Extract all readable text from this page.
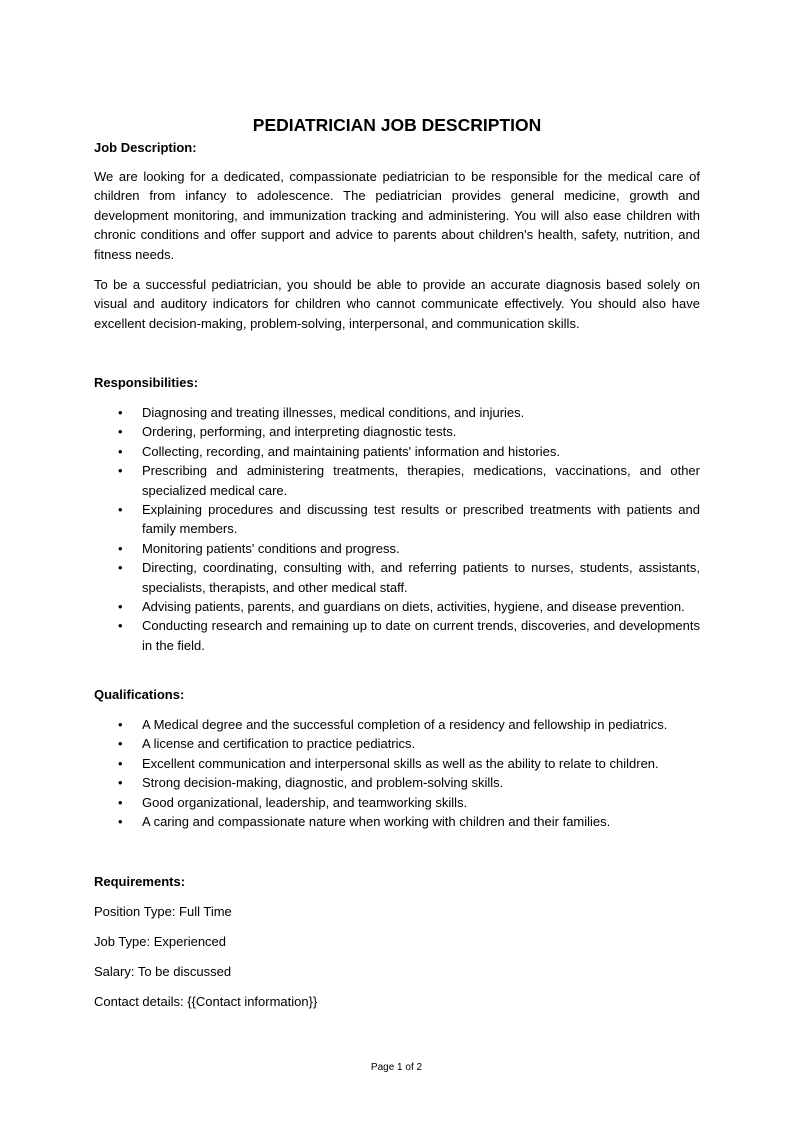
PEDIATRICIAN JOB DESCRIPTION
Job Description:

We are looking for a dedicated, compassionate pediatrician to be responsible for the medical care of children from infancy to adolescence. The pediatrician provides general medicine, growth and development monitoring, and immunization tracking and administering. You will also ease children with chronic conditions and offer support and advice to parents about children's health, safety, nutrition, and fitness needs.

To be a successful pediatrician, you should be able to provide an accurate diagnosis based solely on visual and auditory indicators for children who cannot communicate effectively. You should also have excellent decision-making, problem-solving, interpersonal, and communication skills.

Responsibilities:
• Diagnosing and treating illnesses, medical conditions, and injuries.
• Ordering, performing, and interpreting diagnostic tests.
• Collecting, recording, and maintaining patients' information and histories.
• Prescribing and administering treatments, therapies, medications, vaccinations, and other specialized medical care.
• Explaining procedures and discussing test results or prescribed treatments with patients and family members.
• Monitoring patients' conditions and progress.
• Directing, coordinating, consulting with, and referring patients to nurses, students, assistants, specialists, therapists, and other medical staff.
• Advising patients, parents, and guardians on diets, activities, hygiene, and disease prevention.
• Conducting research and remaining up to date on current trends, discoveries, and developments in the field.
Qualifications:
• A Medical degree and the successful completion of a residency and fellowship in pediatrics.
• A license and certification to practice pediatrics.
• Excellent communication and interpersonal skills as well as the ability to relate to children.
• Strong decision-making, diagnostic, and problem-solving skills.
• Good organizational, leadership, and teamworking skills.
• A caring and compassionate nature when working with children and their families.
Requirements:
Position Type: Full Time
Job Type: Experienced
Salary: To be discussed
Contact details: {{Contact information}}
Page 1 of 2
